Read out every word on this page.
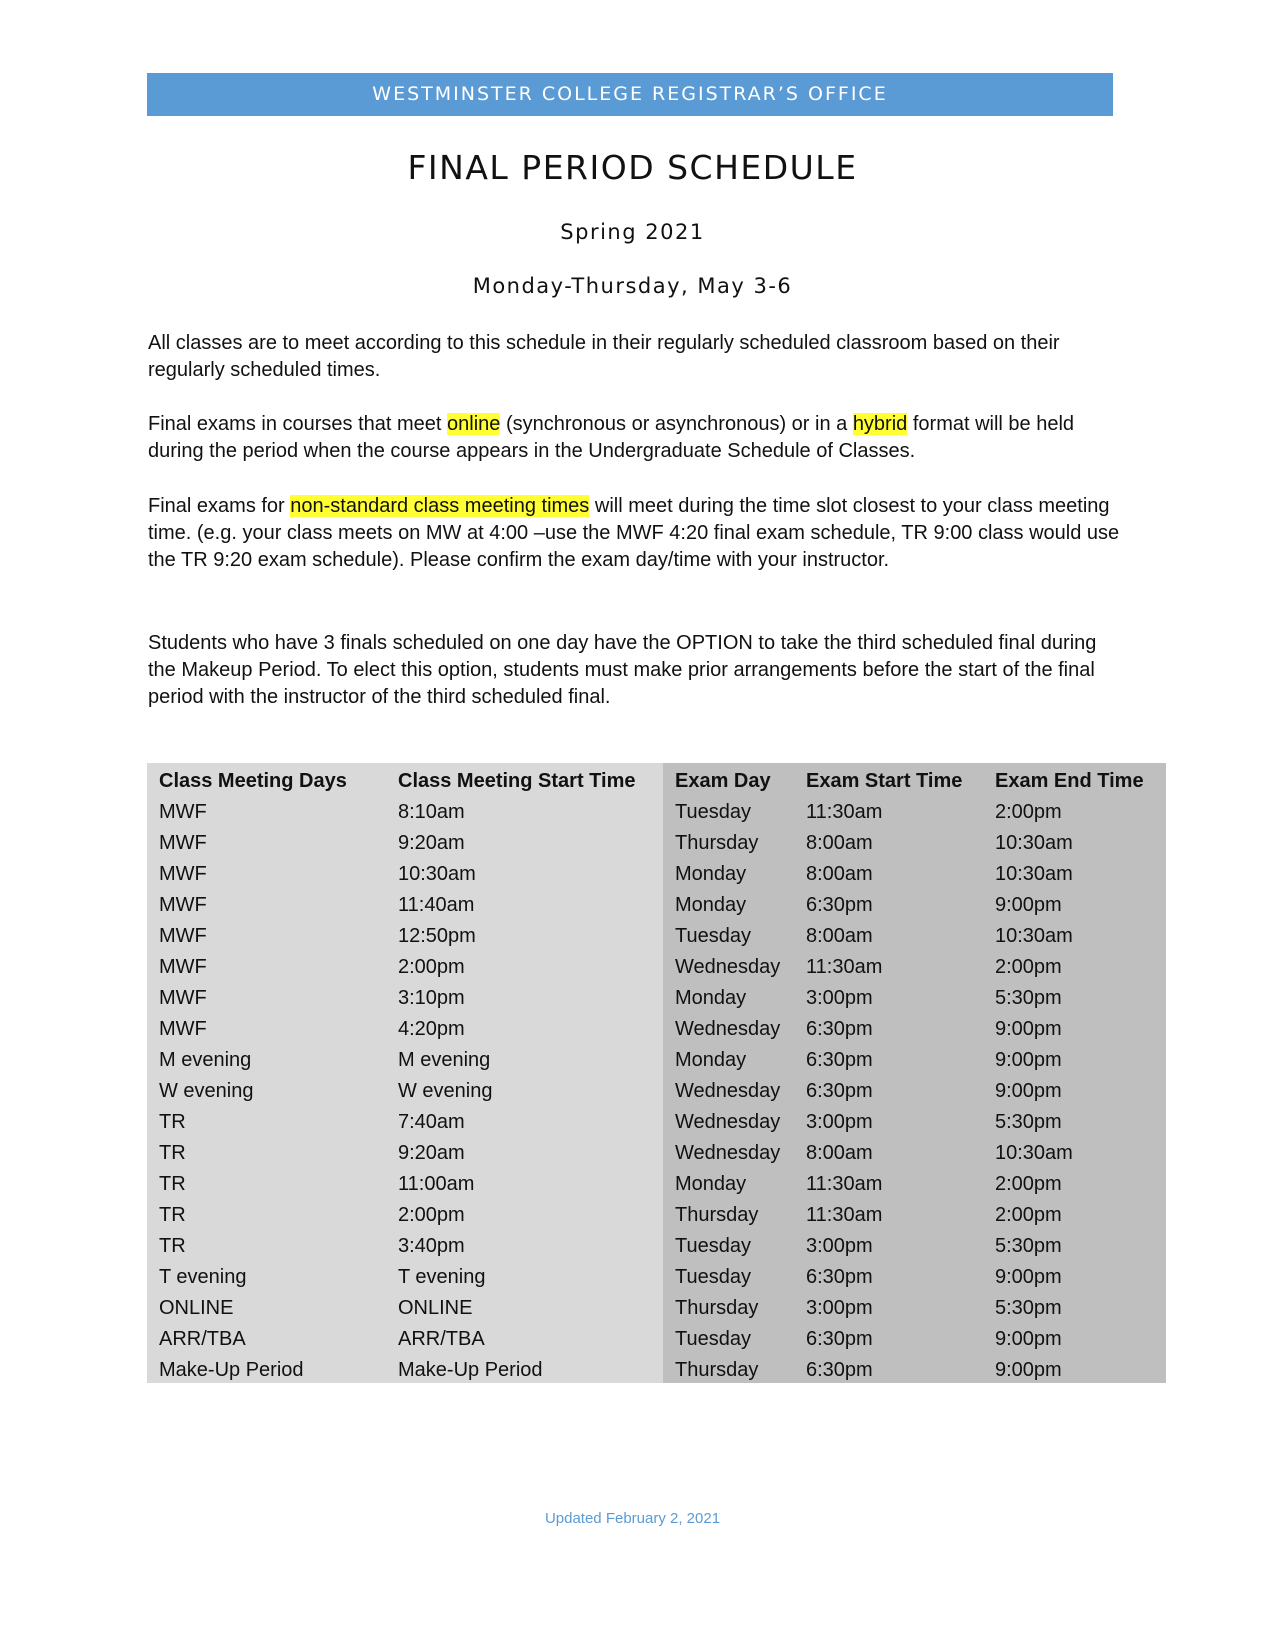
WESTMINSTER COLLEGE REGISTRAR’S OFFICE
FINAL PERIOD SCHEDULE
Spring 2021
Monday-Thursday, May 3-6

All classes are to meet according to this schedule in their regularly scheduled classroom based on their regularly scheduled times.

Final exams in courses that meet online (synchronous or asynchronous) or in a hybrid format will be held during the period when the course appears in the Undergraduate Schedule of Classes.

Final exams for non-standard class meeting times will meet during the time slot closest to your class meeting time. (e.g. your class meets on MW at 4:00 –use the MWF 4:20 final exam schedule, TR 9:00 class would use the TR 9:20 exam schedule). Please confirm the exam day/time with your instructor.

Students who have 3 finals scheduled on one day have the OPTION to take the third scheduled final during the Makeup Period. To elect this option, students must make prior arrangements before the start of the final period with the instructor of the third scheduled final.

Class Meeting Days	Class Meeting Start Time	Exam Day	Exam Start Time	Exam End Time
MWF	8:10am	Tuesday	11:30am	2:00pm
MWF	9:20am	Thursday	8:00am	10:30am
MWF	10:30am	Monday	8:00am	10:30am
MWF	11:40am	Monday	6:30pm	9:00pm
MWF	12:50pm	Tuesday	8:00am	10:30am
MWF	2:00pm	Wednesday	11:30am	2:00pm
MWF	3:10pm	Monday	3:00pm	5:30pm
MWF	4:20pm	Wednesday	6:30pm	9:00pm
M evening	M evening	Monday	6:30pm	9:00pm
W evening	W evening	Wednesday	6:30pm	9:00pm
TR	7:40am	Wednesday	3:00pm	5:30pm
TR	9:20am	Wednesday	8:00am	10:30am
TR	11:00am	Monday	11:30am	2:00pm
TR	2:00pm	Thursday	11:30am	2:00pm
TR	3:40pm	Tuesday	3:00pm	5:30pm
T evening	T evening	Tuesday	6:30pm	9:00pm
ONLINE	ONLINE	Thursday	3:00pm	5:30pm
ARR/TBA	ARR/TBA	Tuesday	6:30pm	9:00pm
Make-Up Period	Make-Up Period	Thursday	6:30pm	9:00pm
Updated February 2, 2021
